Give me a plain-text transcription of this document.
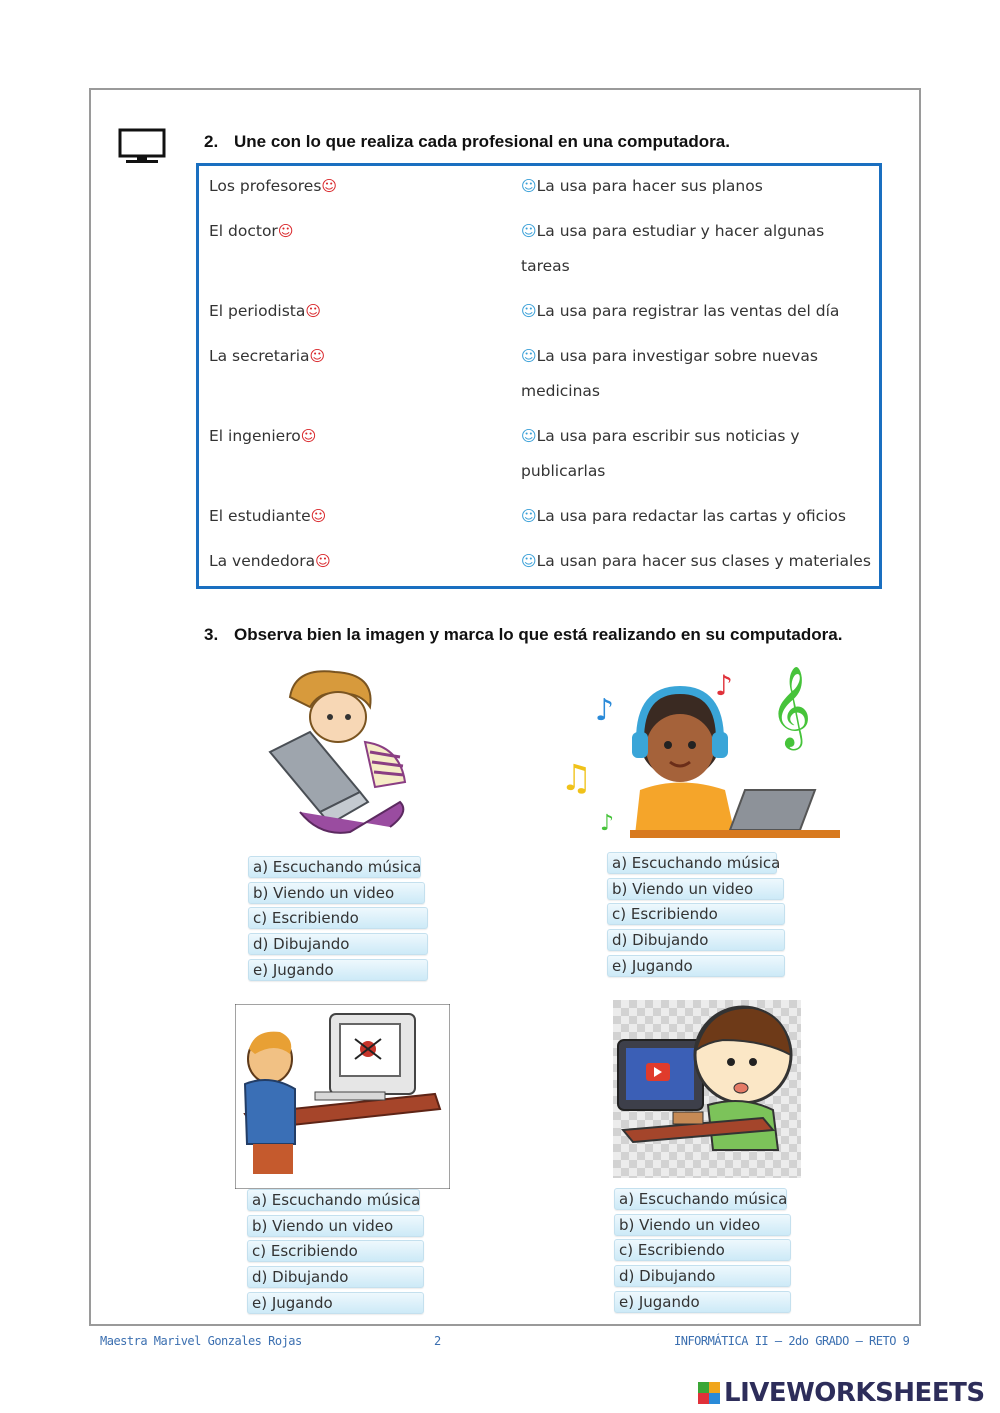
2. Une con lo que realiza cada profesional en una computadora.
Los profesores☺
El doctor☺
El periodista☺
La secretaria☺
El ingeniero☺
El estudiante☺
La vendedora☺
☺La usa para hacer sus planos
☺La usa para estudiar y hacer algunas tareas
☺La usa para registrar las ventas del día
☺La usa para investigar sobre nuevas medicinas
☺La usa para escribir sus noticias y publicarlas
☺La usa para redactar las cartas y oficios
☺La usan para hacer sus clases y materiales
3. Observa bien la imagen y marca lo que está realizando en su computadora.
𝄞
♪
♫
♪
♪
a) Escuchando música
b) Viendo un video
c) Escribiendo
d) Dibujando
e) Jugando
a) Escuchando música
b) Viendo un video
c) Escribiendo
d) Dibujando
e) Jugando
a) Escuchando música
b) Viendo un video
c) Escribiendo
d) Dibujando
e) Jugando
a) Escuchando música
b) Viendo un video
c) Escribiendo
d) Dibujando
e) Jugando
Maestra Marivel Gonzales Rojas	2	INFORMÁTICA II – 2do GRADO – RETO 9
LIVEWORKSHEETS
